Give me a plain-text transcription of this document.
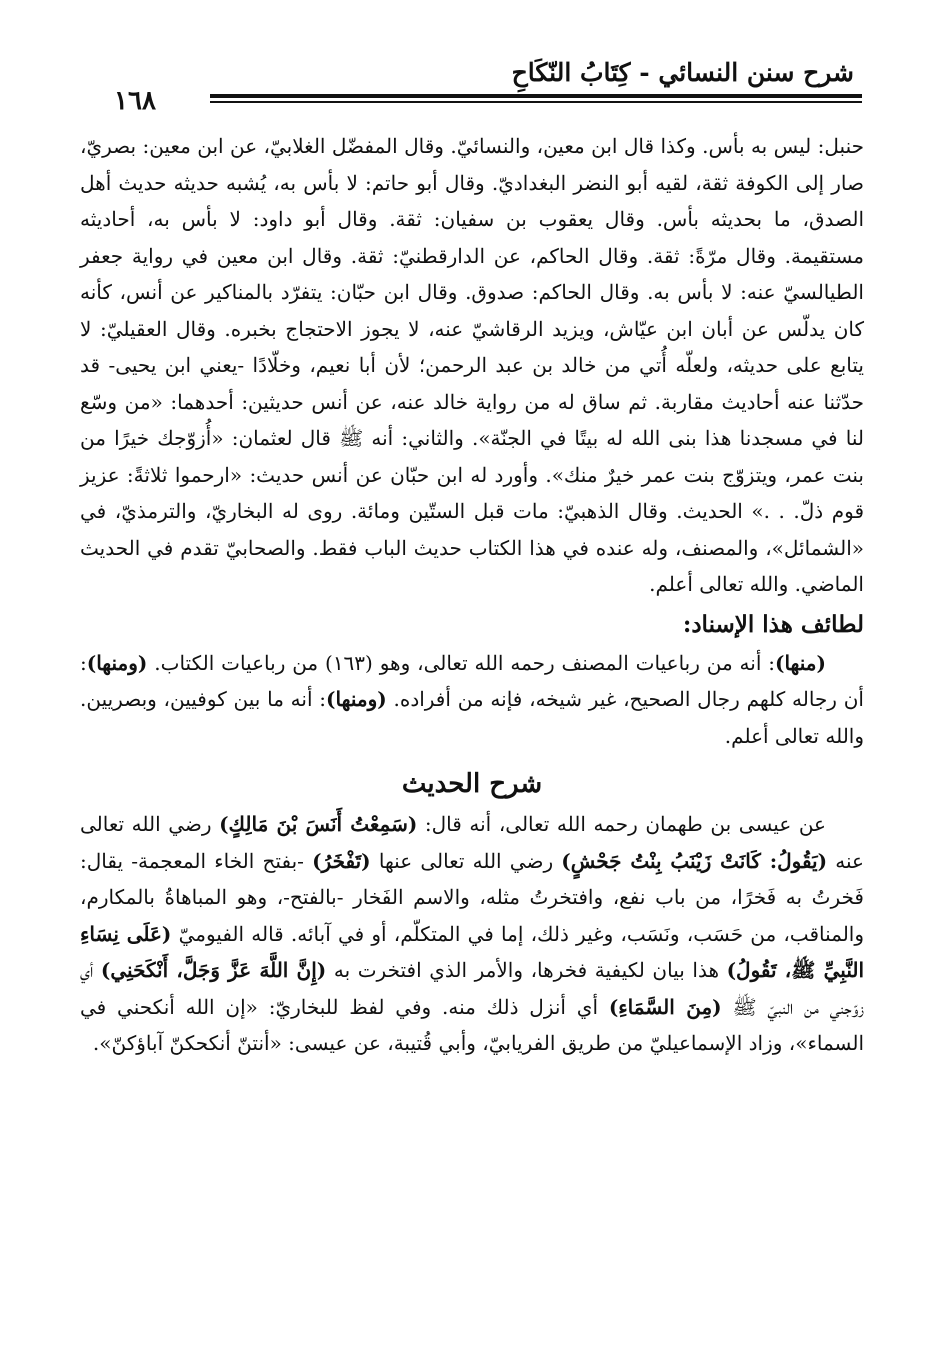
شرح سنن النسائي - كِتَابُ النّكَاحِ
١٦٨

حنبل: ليس به بأس. وكذا قال ابن معين، والنسائيّ. وقال المفضّل الغلابيّ، عن ابن معين: بصريّ، صار إلى الكوفة ثقة، لقيه أبو النضر البغداديّ. وقال أبو حاتم: لا بأس به، يُشبه حديثه حديث أهل الصدق، ما بحديثه بأس. وقال يعقوب بن سفيان: ثقة. وقال أبو داود: لا بأس به، أحاديثه مستقيمة. وقال مرّةً: ثقة. وقال الحاكم، عن الدارقطنيّ: ثقة. وقال ابن معين في رواية جعفر الطيالسيّ عنه: لا بأس به. وقال الحاكم: صدوق. وقال ابن حبّان: يتفرّد بالمناكير عن أنس، كأنه كان يدلّس عن أبان ابن عيّاش، ويزيد الرقاشيّ عنه، لا يجوز الاحتجاج بخبره. وقال العقيليّ: لا يتابع على حديثه، ولعلّه أُتي من خالد بن عبد الرحمن؛ لأن أبا نعيم، وخلّادًا -يعني ابن يحيى- قد حدّثنا عنه أحاديث مقاربة. ثم ساق له من رواية خالد عنه، عن أنس حديثين: أحدهما: «من وسّع لنا في مسجدنا هذا بنى الله له بيتًا في الجنّة». والثاني: أنه ﷺ قال لعثمان: «أُزوّجك خيرًا من بنت عمر، ويتزوّج بنت عمر خيرٌ منك». وأورد له ابن حبّان عن أنس حديث: «ارحموا ثلاثةً: عزيز قوم ذلّ. . .» الحديث. وقال الذهبيّ: مات قبل الستّين ومائة. روى له البخاريّ، والترمذيّ، في «الشمائل»، والمصنف، وله عنده في هذا الكتاب حديث الباب فقط. والصحابيّ تقدم في الحديث الماضي. والله تعالى أعلم.

لطائف هذا الإسناد:

(منها): أنه من رباعيات المصنف رحمه الله تعالى، وهو (١٦٣) من رباعيات الكتاب. (ومنها): أن رجاله كلهم رجال الصحيح، غير شيخه، فإنه من أفراده. (ومنها): أنه ما بين كوفيين، وبصريين. والله تعالى أعلم.

شرح الحديث

عن عيسى بن طهمان رحمه الله تعالى، أنه قال: (سَمِعْتُ أَنَسَ بْنَ مَالِكٍ) رضي الله تعالى عنه (يَقُولُ: كَانَتْ زَيْنَبُ بِنْتُ جَحْشٍ) رضي الله تعالى عنها (تَفْخَرُ) -بفتح الخاء المعجمة- يقال: فَخرتُ به فَخرًا، من باب نفع، وافتخرتُ مثله، والاسم الفَخار -بالفتح-، وهو المباهاةُ بالمكارم، والمناقب، من حَسَب، ونَسَب، وغير ذلك، إما في المتكلّم، أو في آبائه. قاله الفيوميّ (عَلَى نِسَاءِ النَّبِيِّ ﷺ، تَقُولُ) هذا بيان لكيفية فخرها، والأمر الذي افتخرت به (إِنَّ اللَّهَ عَزَّ وَجَلَّ، أَنْكَحَنِي) أي زوّجني من النبيّ ﷺ (مِنَ السَّمَاءِ) أي أنزل ذلك منه. وفي لفظ للبخاريّ: «إن الله أنكحني في السماء»، وزاد الإسماعيليّ من طريق الفريابيّ، وأبي قُتيبة، عن عيسى: «أنتنّ أنكحكنّ آباؤكنّ».
